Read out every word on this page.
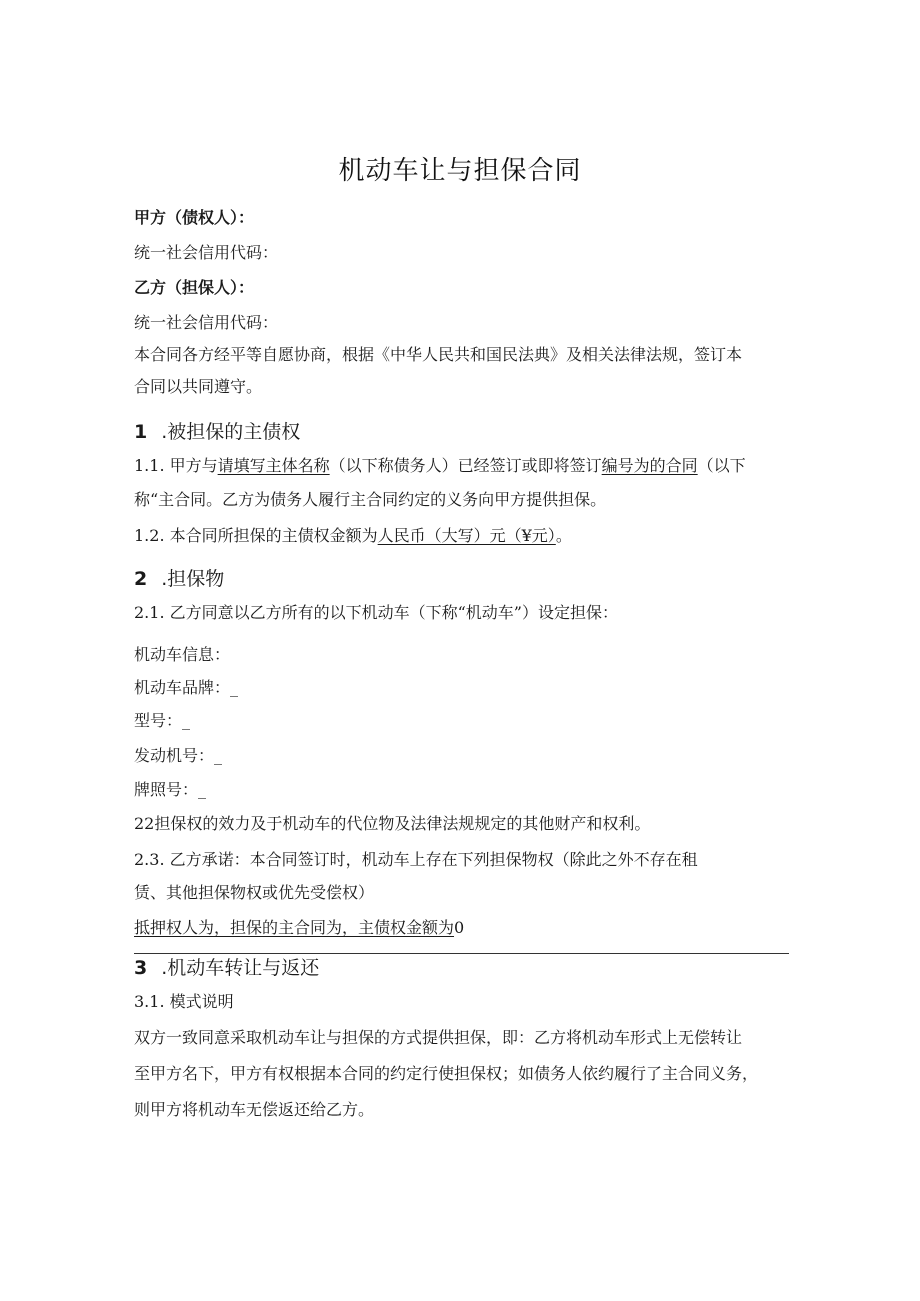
机动车让与担保合同
甲方（债权人）：
统一社会信用代码：
乙方（担保人）：
统一社会信用代码：
本合同各方经平等自愿协商，根据《中华人民共和国民法典》及相关法律法规，签订本
合同以共同遵守。
1 .被担保的主债权
1.1. 甲方与请填写主体名称（以下称债务人）已经签订或即将签订编号为的合同（以下
称“主合同。乙方为债务人履行主合同约定的义务向甲方提供担保。
1.2. 本合同所担保的主债权金额为人民币（大写）元（¥元）。
2 .担保物
2.1. 乙方同意以乙方所有的以下机动车（下称“机动车”）设定担保：
机动车信息：
机动车品牌：_
型号：_
发动机号：_
牌照号：_
22担保权的效力及于机动车的代位物及法律法规规定的其他财产和权利。
2.3. 乙方承诺：本合同签订时，机动车上存在下列担保物权（除此之外不存在租
赁、其他担保物权或优先受偿权）
抵押权人为，担保的主合同为，主债权金额为0
3 .机动车转让与返还
3.1. 模式说明
双方一致同意采取机动车让与担保的方式提供担保，即：乙方将机动车形式上无偿转让
至甲方名下，甲方有权根据本合同的约定行使担保权；如债务人依约履行了主合同义务，
则甲方将机动车无偿返还给乙方。
